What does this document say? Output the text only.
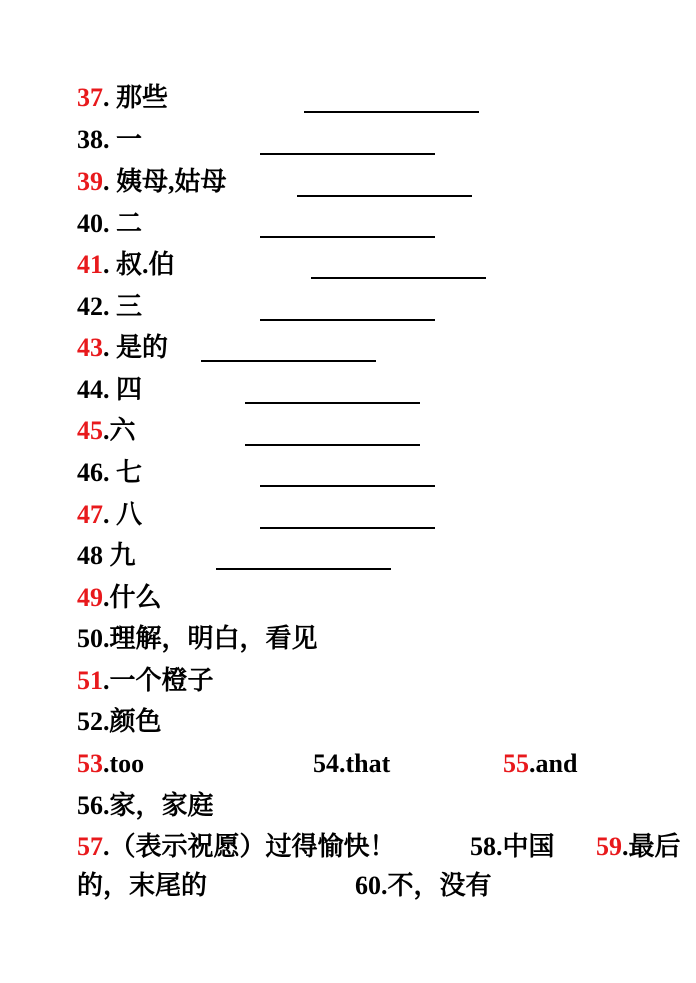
37. 那些
38. 一
39. 姨母,姑母
40. 二
41. 叔.伯
42. 三
43. 是的
44. 四
45.六
46. 七
47. 八
48 九
49.什么
50.理解，明白，看见
51.一个橙子
52.颜色
53.too	54.that	55.and
56.家，家庭
57.（表示祝愿）过得愉快！	58.中国 59.最后
的，末尾的	60.不，没有
